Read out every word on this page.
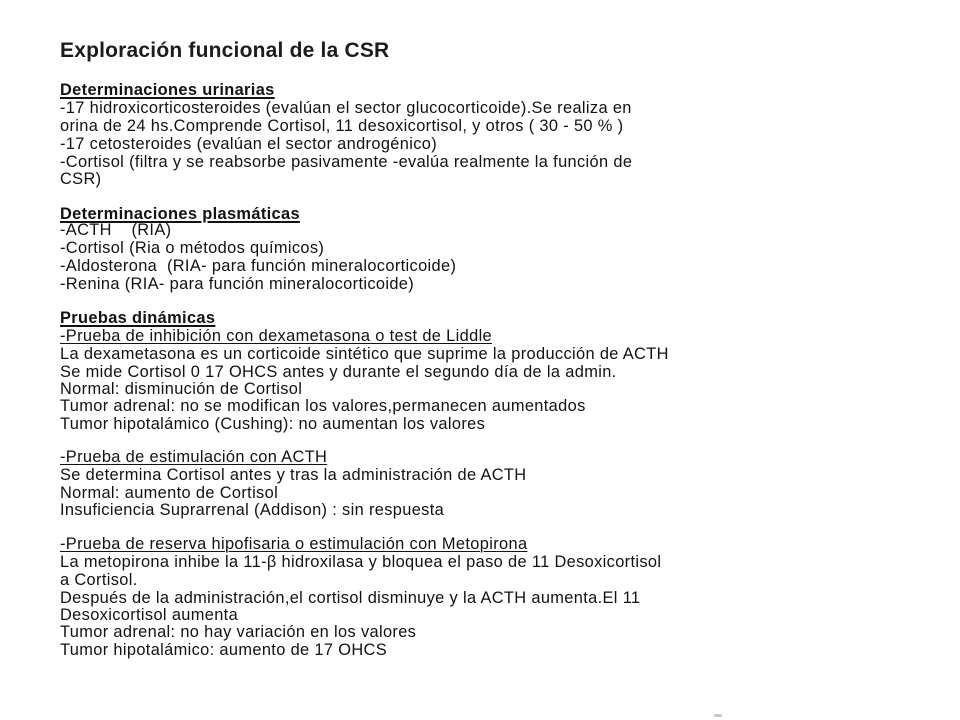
Exploración funcional de la CSR
Determinaciones urinarias
-17 hidroxicorticosteroides (evalúan el sector glucocorticoide).Se realiza en
orina de 24 hs.Comprende Cortisol, 11 desoxicortisol, y otros ( 30 - 50 % )
-17 cetosteroides (evalúan el sector androgénico)
-Cortisol (filtra y se reabsorbe pasivamente -evalúa realmente la función de
CSR)
Determinaciones plasmáticas
-ACTH    (RIA)
-Cortisol (Ria o métodos químicos)
-Aldosterona  (RIA- para función mineralocorticoide)
-Renina (RIA- para función mineralocorticoide)
Pruebas dinámicas
-Prueba de inhibición con dexametasona o test de Liddle
La dexametasona es un corticoide sintético que suprime la producción de ACTH
Se mide Cortisol 0 17 OHCS antes y durante el segundo día de la admin.
Normal: disminución de Cortisol
Tumor adrenal: no se modifican los valores,permanecen aumentados
Tumor hipotalámico (Cushing): no aumentan los valores
-Prueba de estimulación con ACTH
Se determina Cortisol antes y tras la administración de ACTH
Normal: aumento de Cortisol
Insuficiencia Suprarrenal (Addison) : sin respuesta
-Prueba de reserva hipofisaria o estimulación con Metopirona
La metopirona inhibe la 11-β hidroxilasa y bloquea el paso de 11 Desoxicortisol
a Cortisol.
Después de la administración,el cortisol disminuye y la ACTH aumenta.El 11
Desoxicortisol aumenta
Tumor adrenal: no hay variación en los valores
Tumor hipotalámico: aumento de 17 OHCS
